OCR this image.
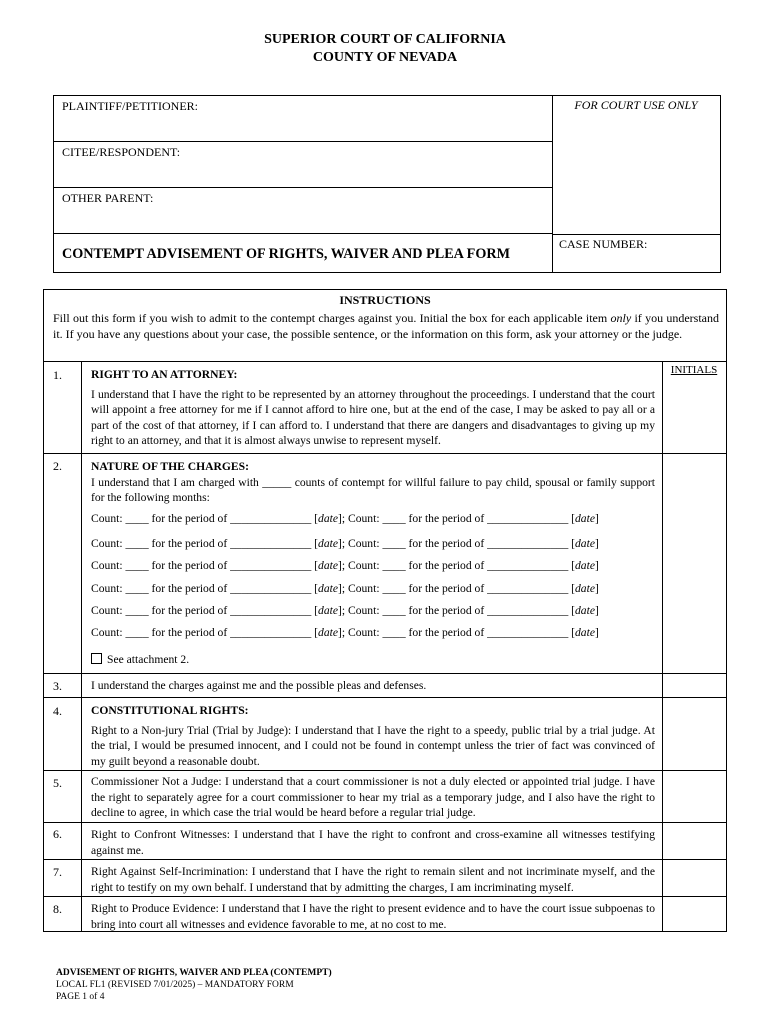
SUPERIOR COURT OF CALIFORNIA
COUNTY OF NEVADA
PLAINTIFF/PETITIONER:
CITEE/RESPONDENT:
OTHER PARENT:
FOR COURT USE ONLY
CASE NUMBER:
CONTEMPT ADVISEMENT OF RIGHTS, WAIVER AND PLEA FORM
INSTRUCTIONS
Fill out this form if you wish to admit to the contempt charges against you. Initial the box for each applicable item only if you understand it. If you have any questions about your case, the possible sentence, or the information on this form, ask your attorney or the judge.
INITIALS
1.	RIGHT TO AN ATTORNEY:
I understand that I have the right to be represented by an attorney throughout the proceedings. I understand that the court will appoint a free attorney for me if I cannot afford to hire one, but at the end of the case, I may be asked to pay all or a part of the cost of that attorney, if I can afford to. I understand that there are dangers and disadvantages to giving up my right to an attorney, and that it is almost always unwise to represent myself.
2.	NATURE OF THE CHARGES:
I understand that I am charged with _____ counts of contempt for willful failure to pay child, spousal or family support for the following months:
Count: ____ for the period of ______________ [date]; Count: ____ for the period of ______________ [date]
Count: ____ for the period of ______________ [date]; Count: ____ for the period of ______________ [date]
Count: ____ for the period of ______________ [date]; Count: ____ for the period of ______________ [date]
Count: ____ for the period of ______________ [date]; Count: ____ for the period of ______________ [date]
Count: ____ for the period of ______________ [date]; Count: ____ for the period of ______________ [date]
Count: ____ for the period of ______________ [date]; Count: ____ for the period of ______________ [date]
See attachment 2.
3.	I understand the charges against me and the possible pleas and defenses.
4.	CONSTITUTIONAL RIGHTS:
Right to a Non-jury Trial (Trial by Judge): I understand that I have the right to a speedy, public trial by a trial judge. At the trial, I would be presumed innocent, and I could not be found in contempt unless the trier of fact was convinced of my guilt beyond a reasonable doubt.
5.	Commissioner Not a Judge: I understand that a court commissioner is not a duly elected or appointed trial judge. I have the right to separately agree for a court commissioner to hear my trial as a temporary judge, and I also have the right to decline to agree, in which case the trial would be heard before a regular trial judge.
6.	Right to Confront Witnesses: I understand that I have the right to confront and cross-examine all witnesses testifying against me.
7.	Right Against Self-Incrimination: I understand that I have the right to remain silent and not incriminate myself, and the right to testify on my own behalf. I understand that by admitting the charges, I am incriminating myself.
8.	Right to Produce Evidence: I understand that I have the right to present evidence and to have the court issue subpoenas to bring into court all witnesses and evidence favorable to me, at no cost to me.
ADVISEMENT OF RIGHTS, WAIVER AND PLEA (CONTEMPT)
LOCAL FL1 (REVISED 7/01/2025) – MANDATORY FORM
PAGE 1 of 4
